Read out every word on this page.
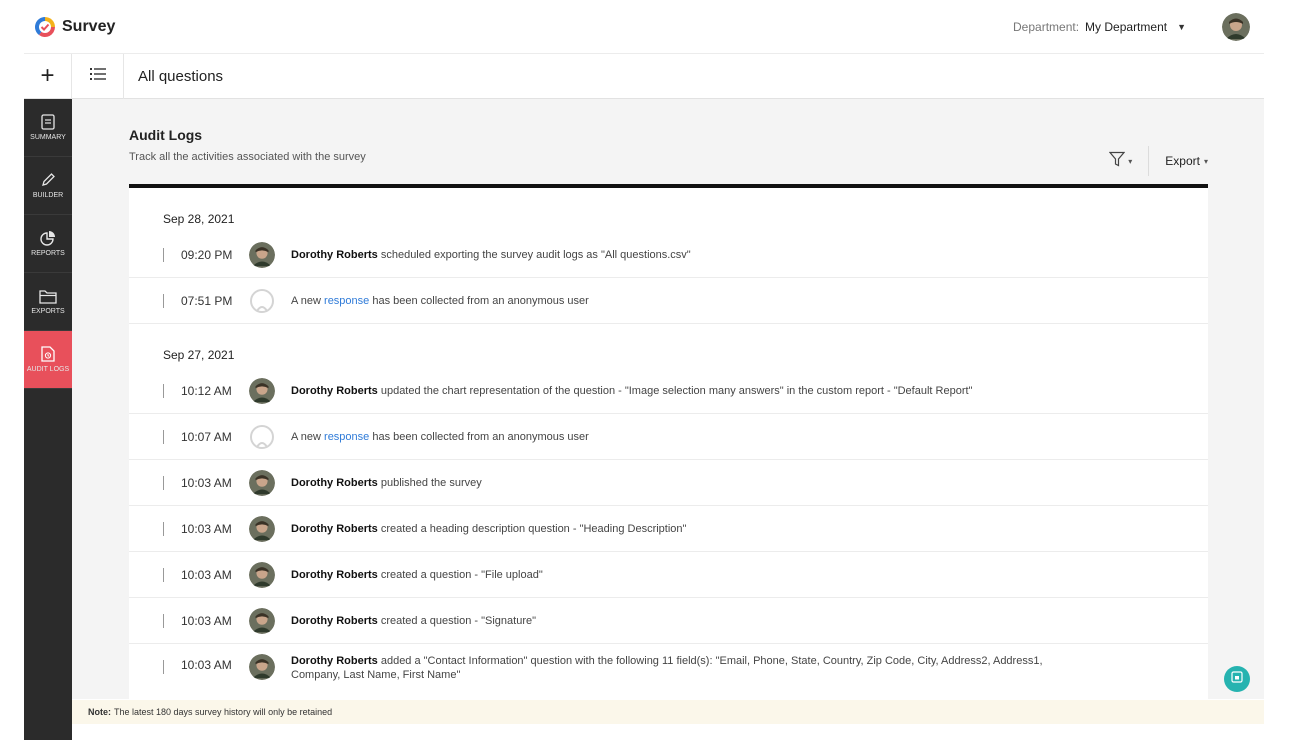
Survey	Department: My Department ▼
+	All questions
SUMMARY
BUILDER
REPORTS
EXPORTS
AUDIT LOGS
Audit Logs
Track all the activities associated with the survey	▾	Export ▾
Sep 28, 2021
09:20 PM	Dorothy Roberts scheduled exporting the survey audit logs as "All questions.csv"
07:51 PM	A new response has been collected from an anonymous user
Sep 27, 2021
10:12 AM	Dorothy Roberts updated the chart representation of the question - "Image selection many answers" in the custom report - "Default Report"
10:07 AM	A new response has been collected from an anonymous user
10:03 AM	Dorothy Roberts published the survey
10:03 AM	Dorothy Roberts created a heading description question - "Heading Description"
10:03 AM	Dorothy Roberts created a question - "File upload"
10:03 AM	Dorothy Roberts created a question - "Signature"
10:03 AM	Dorothy Roberts added a "Contact Information" question with the following 11 field(s): "Email, Phone, State, Country, Zip Code, City, Address2, Address1, Company, Last Name, First Name"
Note: The latest 180 days survey history will only be retained
